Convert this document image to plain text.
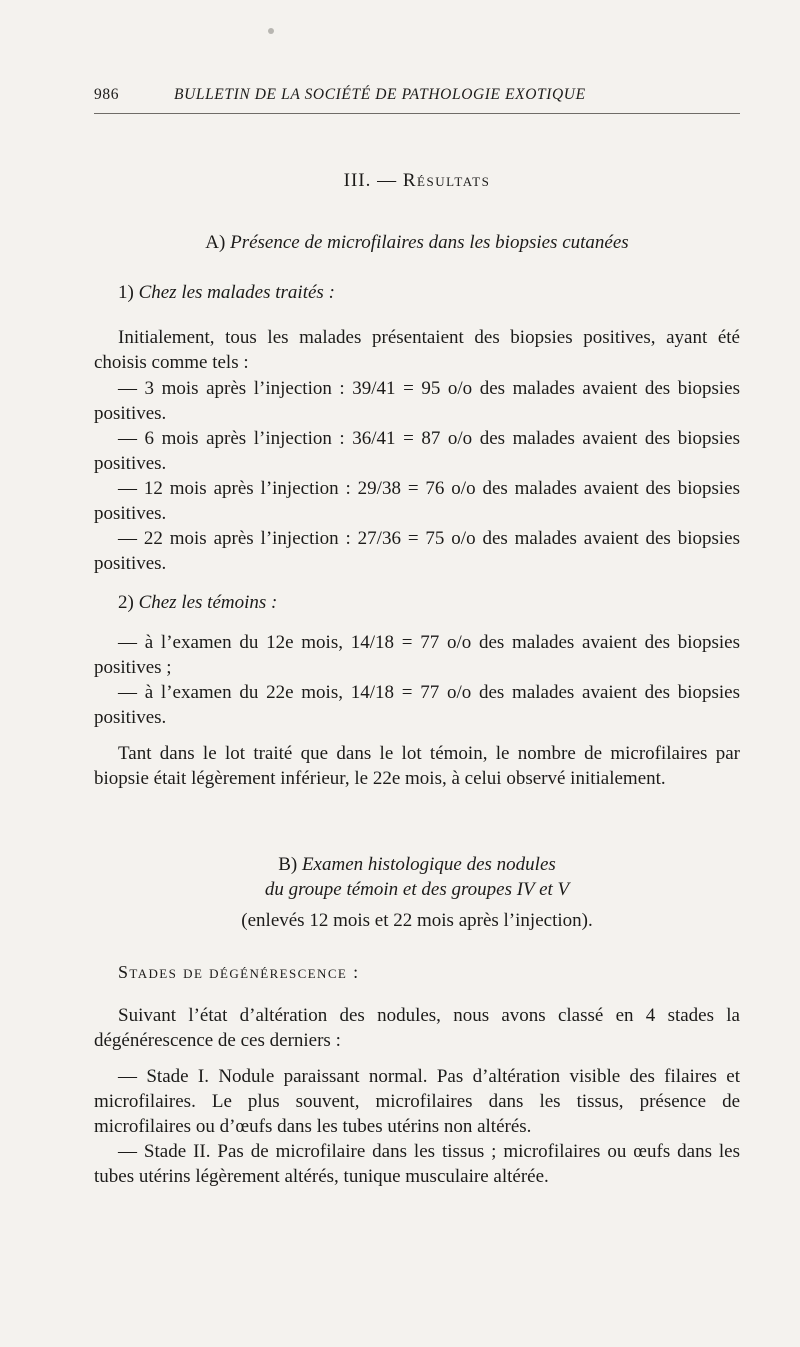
986	BULLETIN DE LA SOCIÉTÉ DE PATHOLOGIE EXOTIQUE
III. — Résultats

A) Présence de microfilaires dans les biopsies cutanées

1) Chez les malades traités :

Initialement, tous les malades présentaient des biopsies positives, ayant été choisis comme tels :

— 3 mois après l’injection : 39/41 = 95 o/o des malades avaient des biopsies positives.

— 6 mois après l’injection : 36/41 = 87 o/o des malades avaient des biopsies positives.

— 12 mois après l’injection : 29/38 = 76 o/o des malades avaient des biopsies positives.

— 22 mois après l’injection : 27/36 = 75 o/o des malades avaient des biopsies positives.

2) Chez les témoins :

— à l’examen du 12e mois, 14/18 = 77 o/o des malades avaient des biopsies positives ;

— à l’examen du 22e mois, 14/18 = 77 o/o des malades avaient des biopsies positives.

Tant dans le lot traité que dans le lot témoin, le nombre de microfilaires par biopsie était légèrement inférieur, le 22e mois, à celui observé initialement.

B) Examen histologique des nodules

du groupe témoin et des groupes IV et V

(enlevés 12 mois et 22 mois après l’injection).

Stades de dégénérescence :

Suivant l’état d’altération des nodules, nous avons classé en 4 stades la dégénérescence de ces derniers :

— Stade I. Nodule paraissant normal. Pas d’altération visible des filaires et microfilaires. Le plus souvent, microfilaires dans les tissus, présence de microfilaires ou d’œufs dans les tubes utérins non altérés.

— Stade II. Pas de microfilaire dans les tissus ; microfilaires ou œufs dans les tubes utérins légèrement altérés, tunique musculaire altérée.
